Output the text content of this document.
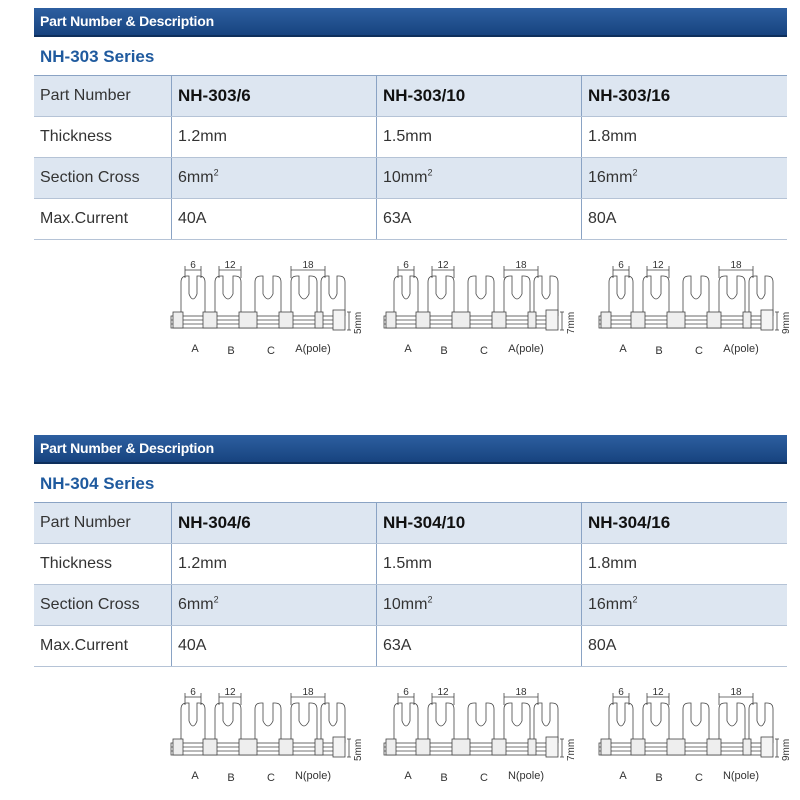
Part Number & Description
NH-303 Series
Part Number	NH-303/6	NH-303/10	NH-303/16
Thickness	1.2mm	1.5mm	1.8mm
Section Cross	$6mm^2$	$10mm^2$	$16mm^2$
Max.Current	40A	63A	80A
Part Number & Description
NH-304 Series
Part Number	NH-304/6	NH-304/10	NH-304/16
Thickness	1.2mm	1.5mm	1.8mm
Section Cross	$6mm^2$	$10mm^2$	$16mm^2$
Max.Current	40A	63A	80A
6	12	18
5mm
A	B	C A(pole)
6	12	18
7mm
A	B	C A(pole)
6	12	18
9mm
A	B	C A(pole)
6	12	18
5mm
A	B	C N(pole)
6	12	18
7mm
A	B	C N(pole)
6	12	18
9mm
A	B	C N(pole)
